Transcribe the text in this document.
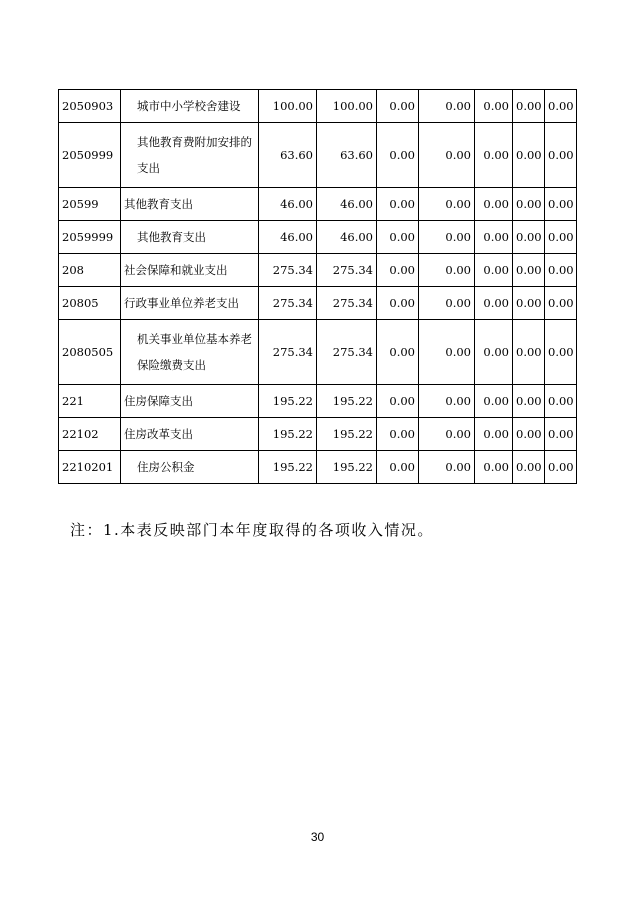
2050903	城市中小学校舍建设	100.00	100.00	0.00	0.00	0.00	0.00	0.00
2050999	其他教育费附加安排的支出	63.60	63.60	0.00	0.00	0.00	0.00	0.00
20599	其他教育支出	46.00	46.00	0.00	0.00	0.00	0.00	0.00
2059999	其他教育支出	46.00	46.00	0.00	0.00	0.00	0.00	0.00
208	社会保障和就业支出	275.34	275.34	0.00	0.00	0.00	0.00	0.00
20805	行政事业单位养老支出	275.34	275.34	0.00	0.00	0.00	0.00	0.00
2080505	机关事业单位基本养老保险缴费支出	275.34	275.34	0.00	0.00	0.00	0.00	0.00
221	住房保障支出	195.22	195.22	0.00	0.00	0.00	0.00	0.00
22102	住房改革支出	195.22	195.22	0.00	0.00	0.00	0.00	0.00
2210201	住房公积金	195.22	195.22	0.00	0.00	0.00	0.00	0.00
注：1.本表反映部门本年度取得的各项收入情况。
30
